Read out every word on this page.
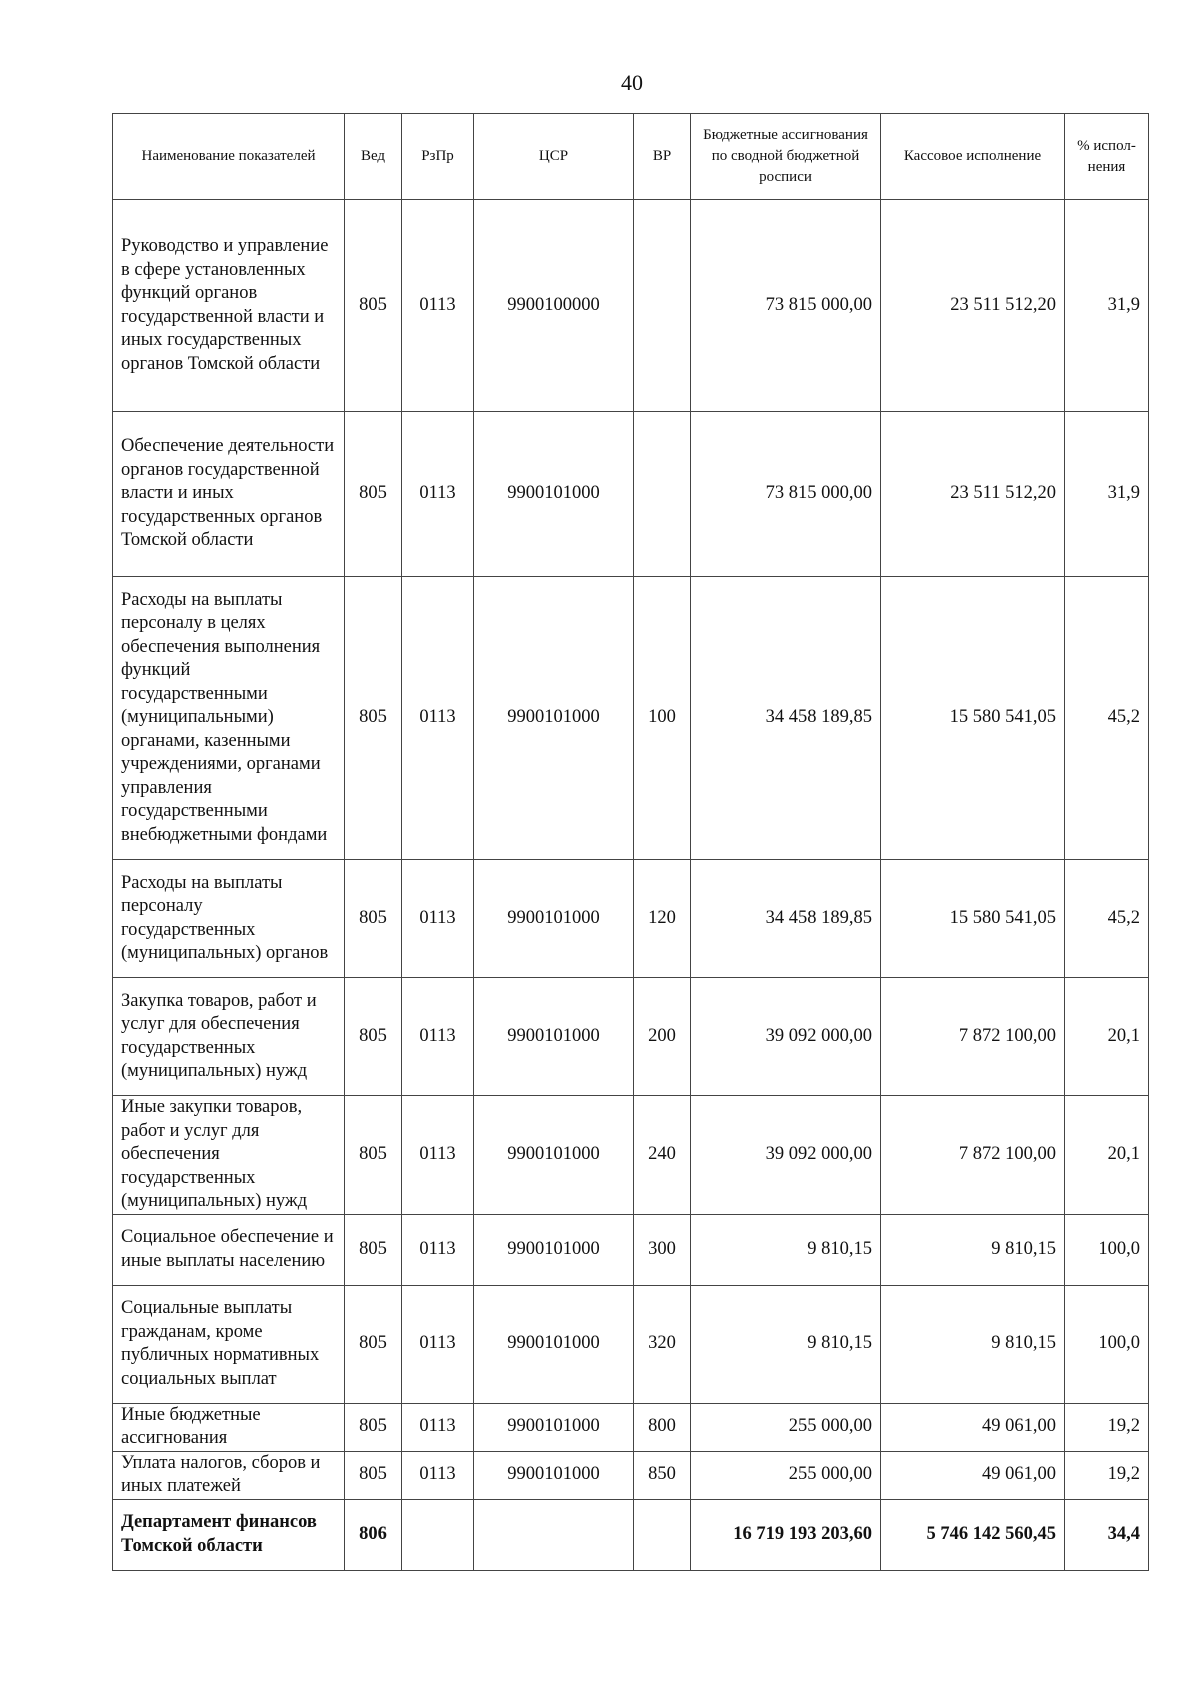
40
Наименование показателей	Вед	РзПр	ЦСР	ВР	Бюджетные ассигнования по сводной бюджетной росписи	Кассовое исполнение	% испол-нения
Руководство и управление в сфере установленных функций органов государственной власти и иных государственных органов Томской области	805	0113	9900100000		73 815 000,00	23 511 512,20	31,9
Обеспечение деятельности органов государственной власти и иных государственных органов Томской области	805	0113	9900101000		73 815 000,00	23 511 512,20	31,9
Расходы на выплаты персоналу в целях обеспечения выполнения функций государственными (муниципальными) органами, казенными учреждениями, органами управления государственными внебюджетными фондами	805	0113	9900101000	100	34 458 189,85	15 580 541,05	45,2
Расходы на выплаты персоналу государственных (муниципальных) органов	805	0113	9900101000	120	34 458 189,85	15 580 541,05	45,2
Закупка товаров, работ и услуг для обеспечения государственных (муниципальных) нужд	805	0113	9900101000	200	39 092 000,00	7 872 100,00	20,1
Иные закупки товаров, работ и услуг для обеспечения государственных (муниципальных) нужд	805	0113	9900101000	240	39 092 000,00	7 872 100,00	20,1
Социальное обеспечение и иные выплаты населению	805	0113	9900101000	300	9 810,15	9 810,15	100,0
Социальные выплаты гражданам, кроме публичных нормативных социальных выплат	805	0113	9900101000	320	9 810,15	9 810,15	100,0
Иные бюджетные ассигнования	805	0113	9900101000	800	255 000,00	49 061,00	19,2
Уплата налогов, сборов и иных платежей	805	0113	9900101000	850	255 000,00	49 061,00	19,2
Департамент финансов Томской области	806				16 719 193 203,60	5 746 142 560,45	34,4
